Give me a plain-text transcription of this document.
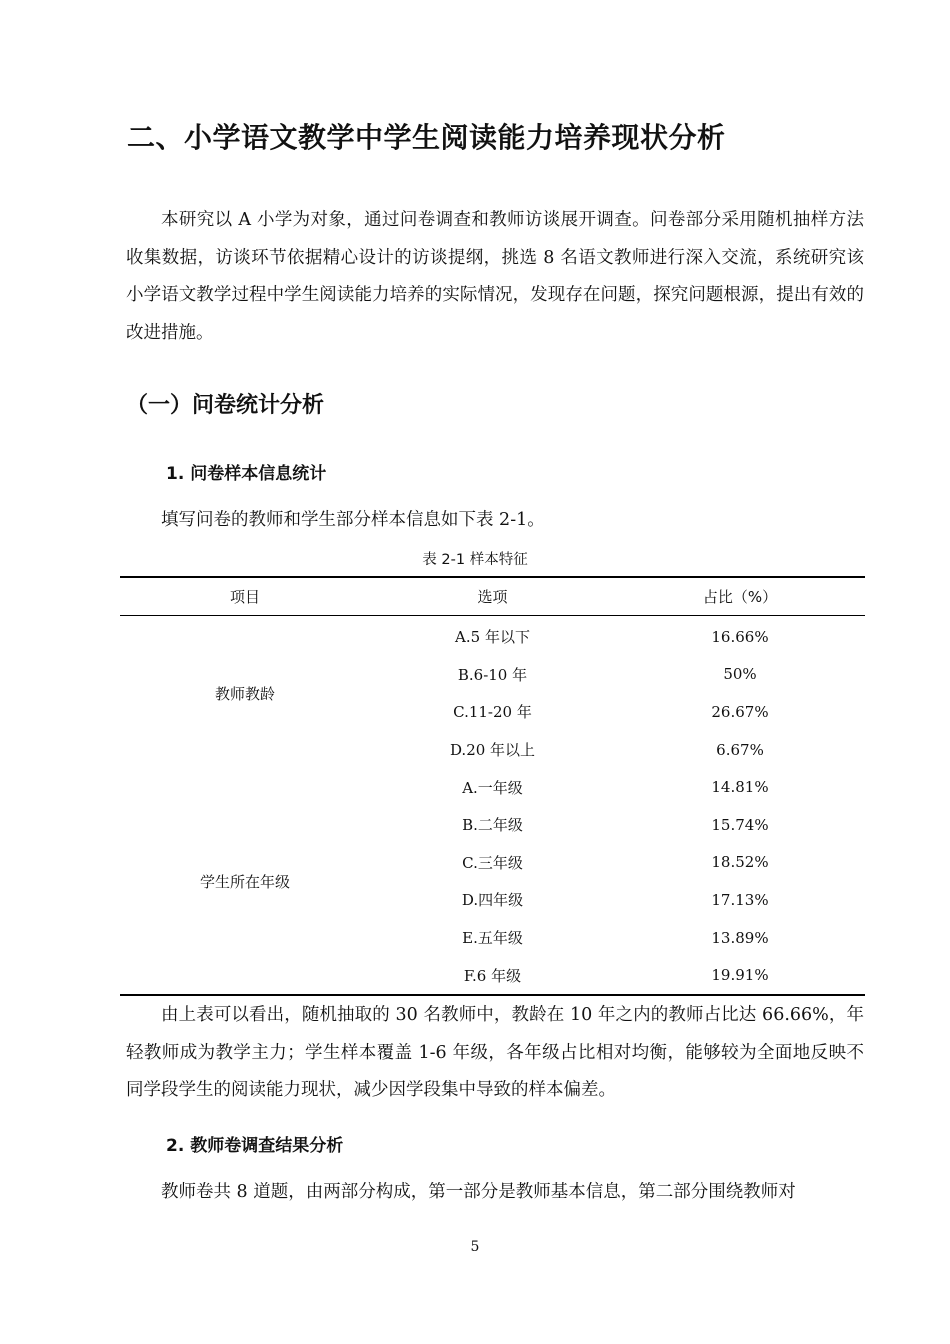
二、小学语文教学中学生阅读能力培养现状分析

本研究以 A 小学为对象，通过问卷调查和教师访谈展开调查。问卷部分采用随机抽样方法收集数据，访谈环节依据精心设计的访谈提纲，挑选 8 名语文教师进行深入交流，系统研究该小学语文教学过程中学生阅读能力培养的实际情况，发现存在问题，探究问题根源，提出有效的改进措施。

（一）问卷统计分析
1. 问卷样本信息统计

填写问卷的教师和学生部分样本信息如下表 2-1。

表 2-1 样本特征
项目	选项	占比（%）
教师教龄	A.5 年以下	16.66%
	B.6-10 年	50%
	C.11-20 年	26.67%
	D.20 年以上	6.67%
学生所在年级	A.一年级	14.81%
	B.二年级	15.74%
	C.三年级	18.52%
	D.四年级	17.13%
	E.五年级	13.89%
	F.6 年级	19.91%

由上表可以看出，随机抽取的 30 名教师中，教龄在 10 年之内的教师占比达 66.66%，年轻教师成为教学主力；学生样本覆盖 1-6 年级，各年级占比相对均衡，能够较为全面地反映不同学段学生的阅读能力现状，减少因学段集中导致的样本偏差。

2. 教师卷调查结果分析

教师卷共 8 道题，由两部分构成，第一部分是教师基本信息，第二部分围绕教师对

5
